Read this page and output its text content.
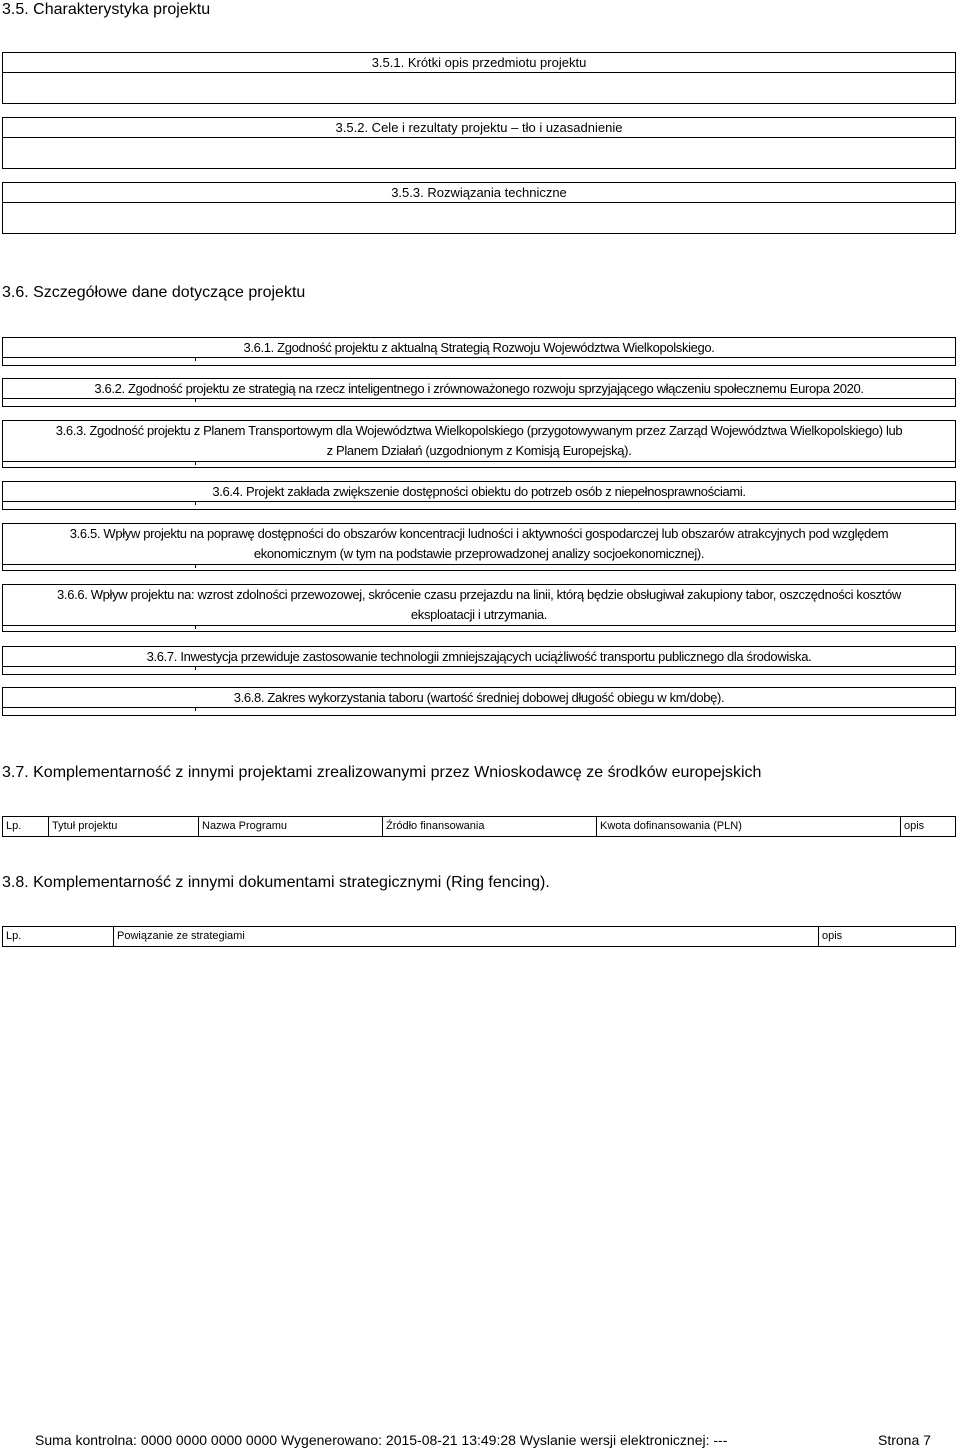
3.5. Charakterystyka projektu
3.5.1. Krótki opis przedmiotu projektu
3.5.2. Cele i rezultaty projektu – tło i uzasadnienie
3.5.3. Rozwiązania techniczne
3.6. Szczegółowe dane dotyczące projektu
3.6.1. Zgodność projektu z aktualną Strategią Rozwoju Województwa Wielkopolskiego.
3.6.2. Zgodność projektu ze strategią na rzecz inteligentnego i zrównoważonego rozwoju sprzyjającego włączeniu społecznemu Europa 2020.
3.6.3. Zgodność projektu z Planem Transportowym dla Województwa Wielkopolskiego (przygotowywanym przez Zarząd Województwa Wielkopolskiego) lub
z Planem Działań (uzgodnionym z Komisją Europejską).
3.6.4. Projekt zakłada zwiększenie dostępności obiektu do potrzeb osób z niepełnosprawnościami.
3.6.5. Wpływ projektu na poprawę dostępności do obszarów koncentracji ludności i aktywności gospodarczej lub obszarów atrakcyjnych pod względem
ekonomicznym (w tym na podstawie przeprowadzonej analizy socjoekonomicznej).
3.6.6. Wpływ projektu na: wzrost zdolności przewozowej, skrócenie czasu przejazdu na linii, którą będzie obsługiwał zakupiony tabor, oszczędności kosztów
eksploatacji i utrzymania.
3.6.7. Inwestycja przewiduje zastosowanie technologii zmniejszających uciążliwość transportu publicznego dla środowiska.
3.6.8. Zakres wykorzystania taboru (wartość średniej dobowej długość obiegu w km/dobę).
3.7. Komplementarność z innymi projektami zrealizowanymi przez Wnioskodawcę ze środków europejskich
Lp.	Tytuł projektu	Nazwa Programu	Źródło finansowania	Kwota dofinansowania (PLN)	opis
3.8. Komplementarność z innymi dokumentami strategicznymi (Ring fencing).
Lp.	Powiązanie ze strategiami	opis
Suma kontrolna: 0000 0000 0000 0000 Wygenerowano: 2015-08-21 13:49:28 Wyslanie wersji elektronicznej: ---	Strona 7
